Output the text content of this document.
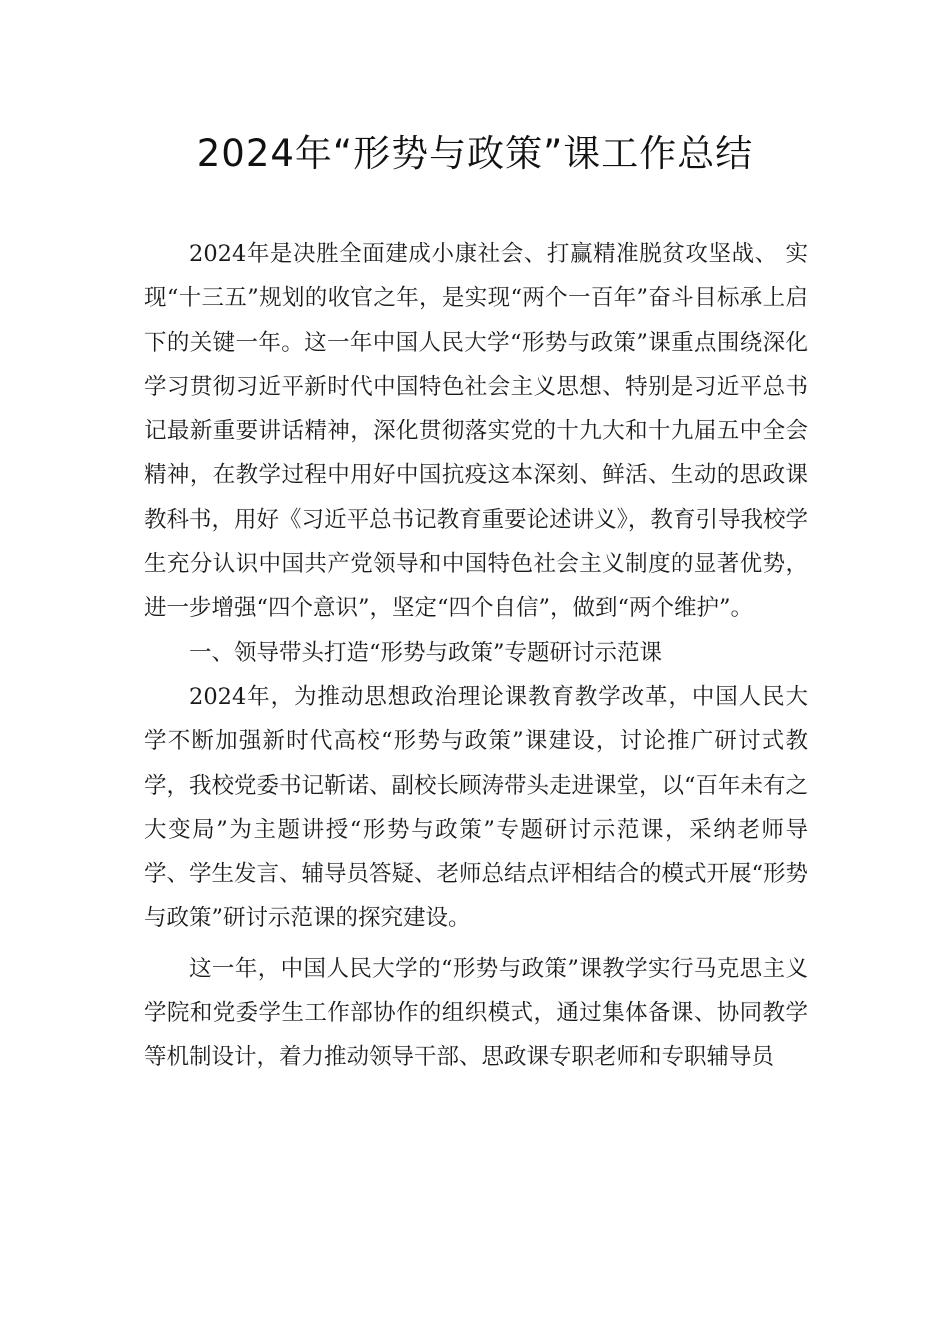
2024年“形势与政策”课工作总结

2024年是决胜全面建成小康社会、打赢精准脱贫攻坚战、 实现“十三五”规划的收官之年，是实现“两个一百年”奋斗目标承上启下的关键一年。这一年中国人民大学“形势与政策”课重点围绕深化学习贯彻习近平新时代中国特色社会主义思想、特别是习近平总书记最新重要讲话精神，深化贯彻落实党的十九大和十九届五中全会精神，在教学过程中用好中国抗疫这本深刻、鲜活、生动的思政课教科书，用好《习近平总书记教育重要论述讲义》，教育引导我校学生充分认识中国共产党领导和中国特色社会主义制度的显著优势，进一步增强“四个意识”，坚定“四个自信”，做到“两个维护”。

一、领导带头打造“形势与政策”专题研讨示范课

2024年，为推动思想政治理论课教育教学改革，中国人民大学不断加强新时代高校“形势与政策”课建设，讨论推广研讨式教学，我校党委书记靳诺、副校长顾涛带头走进课堂，以“百年未有之大变局”为主题讲授“形势与政策”专题研讨示范课，采纳老师导学、学生发言、辅导员答疑、老师总结点评相结合的模式开展“形势与政策”研讨示范课的探究建设。

这一年，中国人民大学的“形势与政策”课教学实行马克思主义学院和党委学生工作部协作的组织模式，通过集体备课、协同教学等机制设计，着力推动领导干部、思政课专职老师和专职辅导员
